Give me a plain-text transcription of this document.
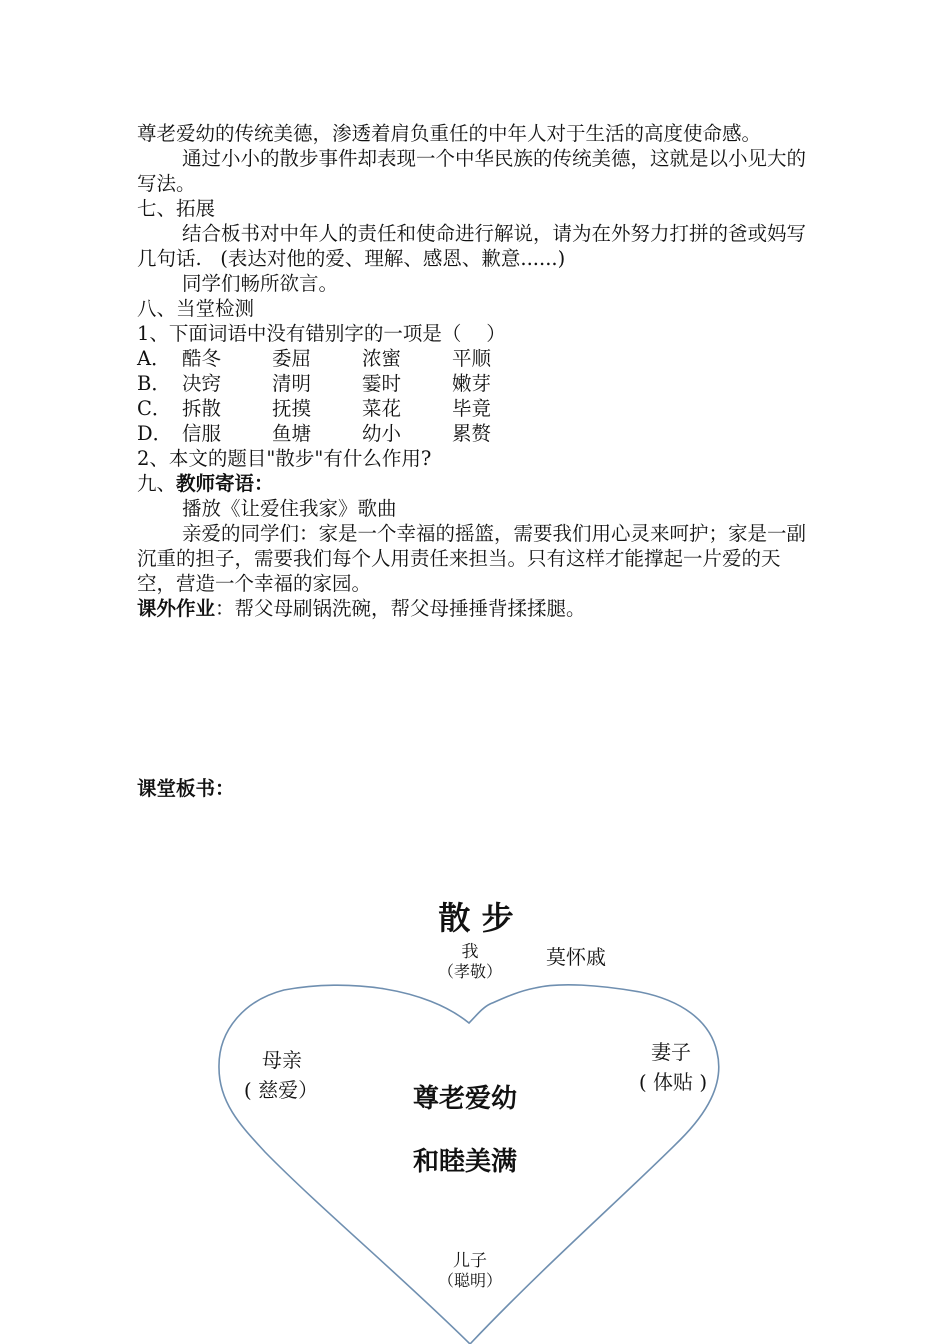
尊老爱幼的传统美德，渗透着肩负重任的中年人对于生活的高度使命感。

通过小小的散步事件却表现一个中华民族的传统美德，这就是以小见大的写法。

七、拓展

结合板书对中年人的责任和使命进行解说，请为在外努力打拼的爸或妈写几句话.   (表达对他的爱、理解、感恩、歉意......)

同学们畅所欲言。

八、当堂检测

1、下面词语中没有错别字的一项是（    ）

A． 酷冬	委屈	浓蜜	平顺
B． 决窍	清明	霎时	嫩芽
C． 拆散	抚摸	菜花	毕竟
D． 信服	鱼塘	幼小	累赘

2、本文的题目"散步"有什么作用?

九、教师寄语：

播放《让爱住我家》歌曲

亲爱的同学们：家是一个幸福的摇篮，需要我们用心灵来呵护；家是一副沉重的担子，需要我们每个人用责任来担当。只有这样才能撑起一片爱的天空，营造一个幸福的家园。

课外作业：帮父母刷锅洗碗，帮父母捶捶背揉揉腿。

课堂板书：
散 步
我
（孝敬）
莫怀戚
母亲
( 慈爱）
妻子
( 体贴 )
尊老爱幼
和睦美满
儿子
（聪明）
